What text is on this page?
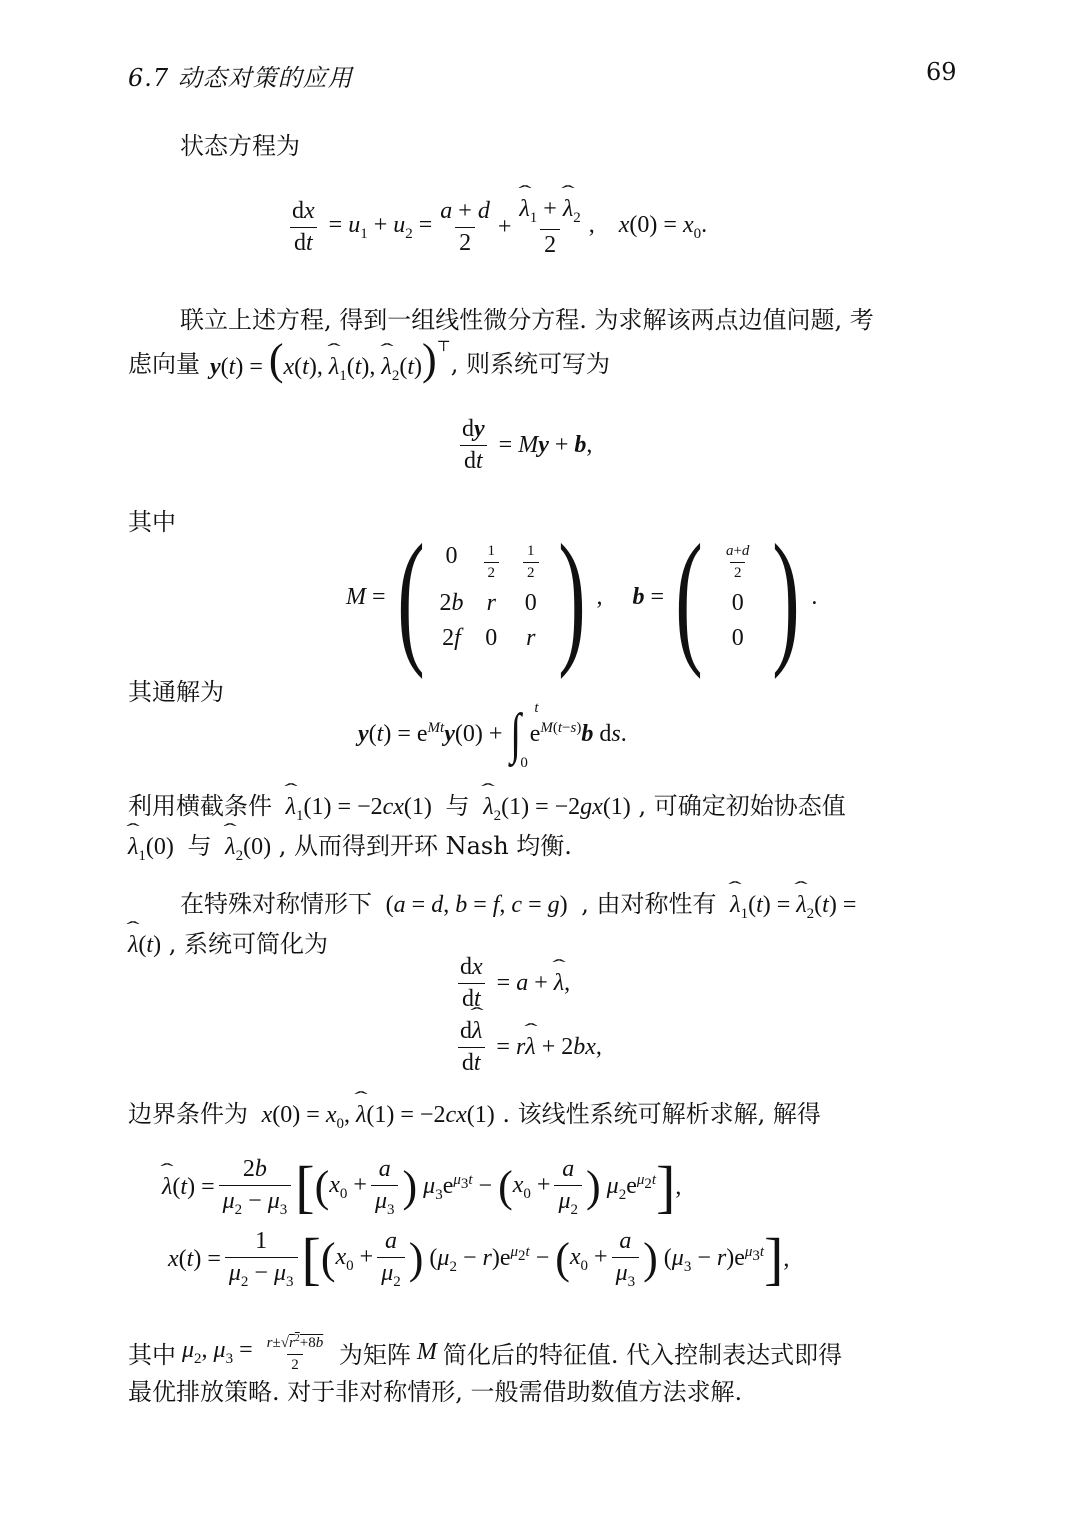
6.7 动态对策的应用	69

状态方程为

$\frac{dx}{dt} = u_1 + u_2 = \frac{a + d}{2}$ + ˆ $\frac{\lambda_1 + ˆ \lambda_2}{2}$ ,    $x(0) = x_0$.

联立上述方程, 得到一组线性微分方程. 为求解该两点边值问题, 考

虑向量 y(t) = (x(t), ˆ $\lambda_1(t)$, ˆ $\lambda_2(t))^⊤$
, 则系统可写为
$\frac{dy}{dt} = My + b$,

其中

M = ( 0	$\frac{1}{2} \frac{1}{2}$
2b r 0
2f 0 r ) ,     b = ( $\frac{a+d}{2}$
0
0 ) .

其通解为

$y(t) = e^{Mt}y(0)$ + ∫ t
0
$e^{M(t-s)}b$ ds.
利用横截条件 ˆ $\lambda_1(1) = -2cx(1)$  与 ˆ $\lambda_2(1) = -2gx(1)$ , 可确定初始协态值
ˆ $\lambda_1(0)$  与 ˆ $\lambda_2(0)$ , 从而得到开环 Nash 均衡.
在特殊对称情形下  (a = d, b = f, c = g)  , 由对称性有 ˆ $\lambda_1(t)$ = ˆ $\lambda_2(t)$ =
ˆ λ(t) , 系统可简化为
$\frac{dx}{dt} = a$ + ˆ λ,
$\frac{\text{dˆ λ}}{dt}$ = rˆ λ + 2bx,
边界条件为 $x(0) = x_0$, ˆ λ(1) = −2cx(1) . 该线性系统可解析求解, 解得
ˆ $\lambda(t) = \frac{2b}{\mu_2 - \mu_3}$ [ ( $x_0 + \frac{a}{\mu_3}$ ) $\mu_3e^{\mu_3t}$ − ( $x_0 + \frac{a}{\mu_2}$ ) $\mu_2e^{\mu_2t}$ ] ,
$x(t) = \frac{1}{\mu_2 - \mu_3}$ [ ( $x_0 + \frac{a}{\mu_2}$ ) $(\mu_2 - r)e^{\mu_2t}$ − ( $x_0 + \frac{a}{\mu_3}$ ) $(\mu_3 - r)e^{\mu_3t}$ ] ,
其中 $\mu_2$, $\mu_3 = \frac{r\pm√r^2+8b}{2}$
为矩阵 M 简化后的特征值. 代入控制表达式即得

最优排放策略. 对于非对称情形, 一般需借助数值方法求解.
